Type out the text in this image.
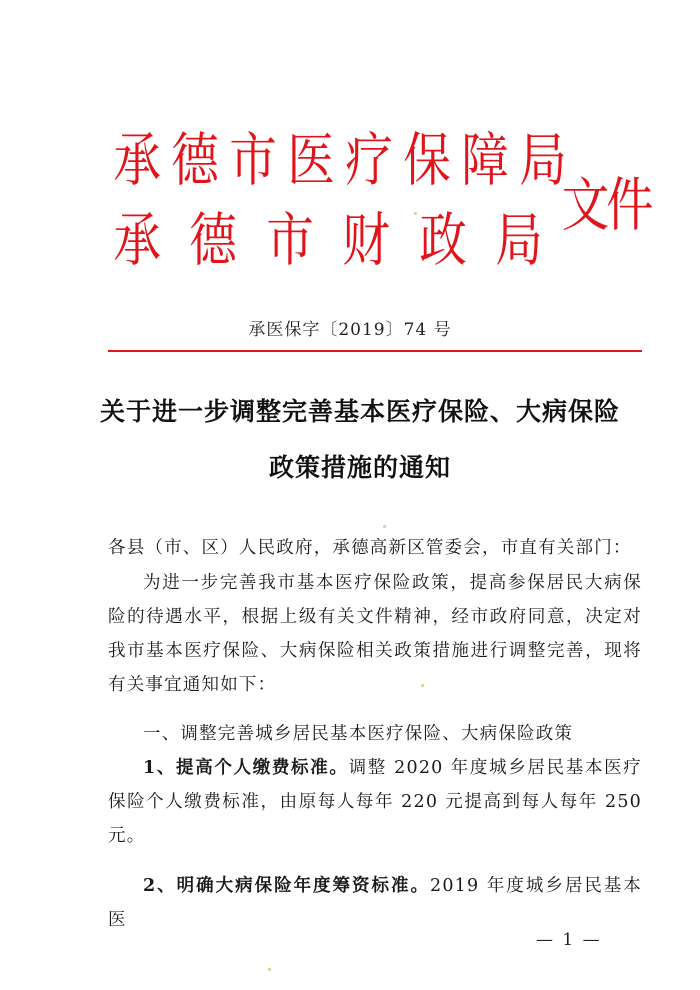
承 德 市 医 疗 保 障 局
承 德 市 财 政 局
文件
承医保字〔2019〕74 号
关于进一步调整完善基本医疗保险、大病保险
政策措施的通知

各县（市、区）人民政府，承德高新区管委会，市直有关部门：

为进一步完善我市基本医疗保险政策，提高参保居民大病保险的待遇水平，根据上级有关文件精神，经市政府同意，决定对我市基本医疗保险、大病保险相关政策措施进行调整完善，现将有关事宜通知如下：

一、调整完善城乡居民基本医疗保险、大病保险政策

1、提高个人缴费标准。调整 2020 年度城乡居民基本医疗保险个人缴费标准，由原每人每年 220 元提高到每人每年 250 元。

2、明确大病保险年度筹资标准。2019 年度城乡居民基本医

— 1 —
